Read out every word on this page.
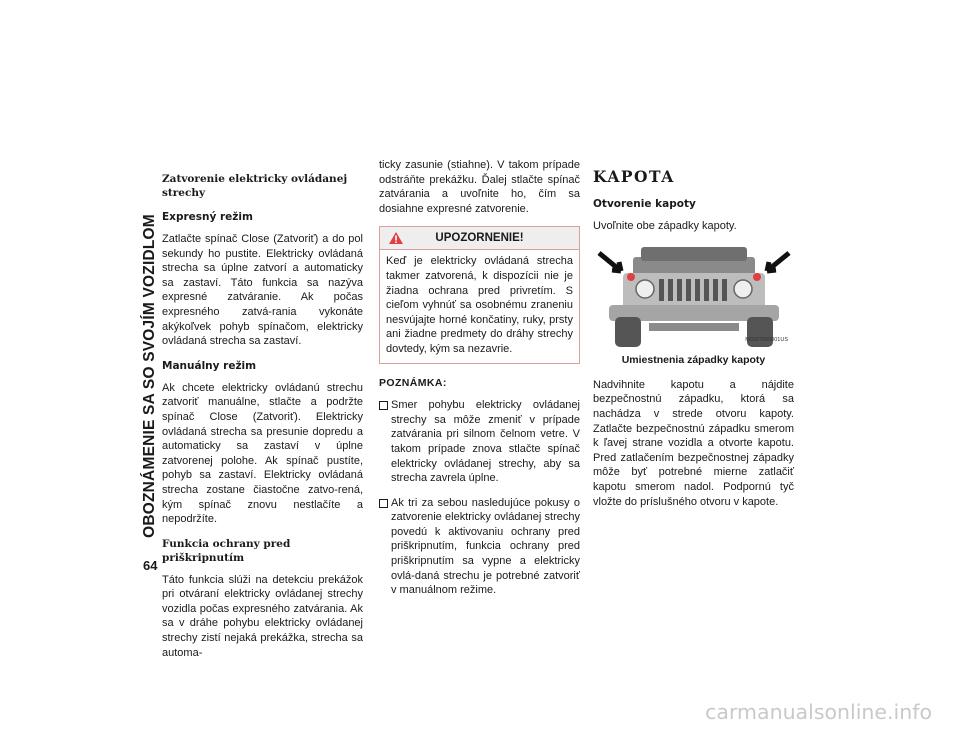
OBOZNÁMENIE SA SO SVOJÍM VOZIDLOM
64
Zatvorenie elektricky ovládanej strechy
Expresný režim

Zatlačte spínač Close (Zatvoriť) a do pol sekundy ho pustite. Elektricky ovládaná strecha sa úplne zatvorí a automaticky sa zastaví. Táto funkcia sa nazýva expresné zatváranie. Ak počas expresného zatvá-rania vykonáte akýkoľvek pohyb spínačom, elektricky ovládaná strecha sa zastaví.

Manuálny režim

Ak chcete elektricky ovládanú strechu zatvoriť manuálne, stlačte a podržte spínač Close (Zatvoriť). Elektricky ovládaná strecha sa presunie dopredu a automaticky sa zastaví v úplne zatvorenej polohe. Ak spínač pustíte, pohyb sa zastaví. Elektricky ovládaná strecha zostane čiastočne zatvo-rená, kým spínač znovu nestlačíte a nepodržíte.

Funkcia ochrany pred priškripnutím

Táto funkcia slúži na detekciu prekážok pri otváraní elektricky ovládanej strechy vozidla počas expresného zatvárania. Ak sa v dráhe pohybu elektricky ovládanej strechy zistí nejaká prekážka, strecha sa automa-

ticky zasunie (stiahne). V takom prípade odstráňte prekážku. Ďalej stlačte spínač zatvárania a uvoľnite ho, čím sa dosiahne expresné zatvorenie.

UPOZORNENIE!
Keď je elektricky ovládaná strecha takmer zatvorená, k dispozícii nie je žiadna ochrana pred privretím. S cieľom vyhnúť sa osobnému zraneniu nesvújajte horné končatiny, ruky, prsty ani žiadne predmety do dráhy strechy dovtedy, kým sa nezavrie.
POZNÁMKA:
Smer pohybu elektricky ovládanej strechy sa môže zmeniť v prípade zatvárania pri silnom čelnom vetre. V takom prípade znova stlačte spínač elektricky ovládanej strechy, aby sa strecha zavrela úplne.
Ak tri za sebou nasledujúce pokusy o zatvorenie elektricky ovládanej strechy povedú k aktivovaniu ochrany pred priškripnutím, funkcia ochrany pred priškripnutím sa vypne a elektricky ovlá-daná strechu je potrebné zatvoriť v manuálnom režime.
KAPOTA
Otvorenie kapoty

Uvoľnite obe západky kapoty.

M0337000001US
Umiestnenia západky kapoty

Nadvihnite kapotu a nájdite bezpečnostnú západku, ktorá sa nachádza v strede otvoru kapoty. Zatlačte bezpečnostnú západku smerom k ľavej strane vozidla a otvorte kapotu. Pred zatlačením bezpečnostnej západky môže byť potrebné mierne zatlačiť kapotu smerom nadol. Podpornú tyč vložte do príslušného otvoru v kapote.

carmanualsonline.info
